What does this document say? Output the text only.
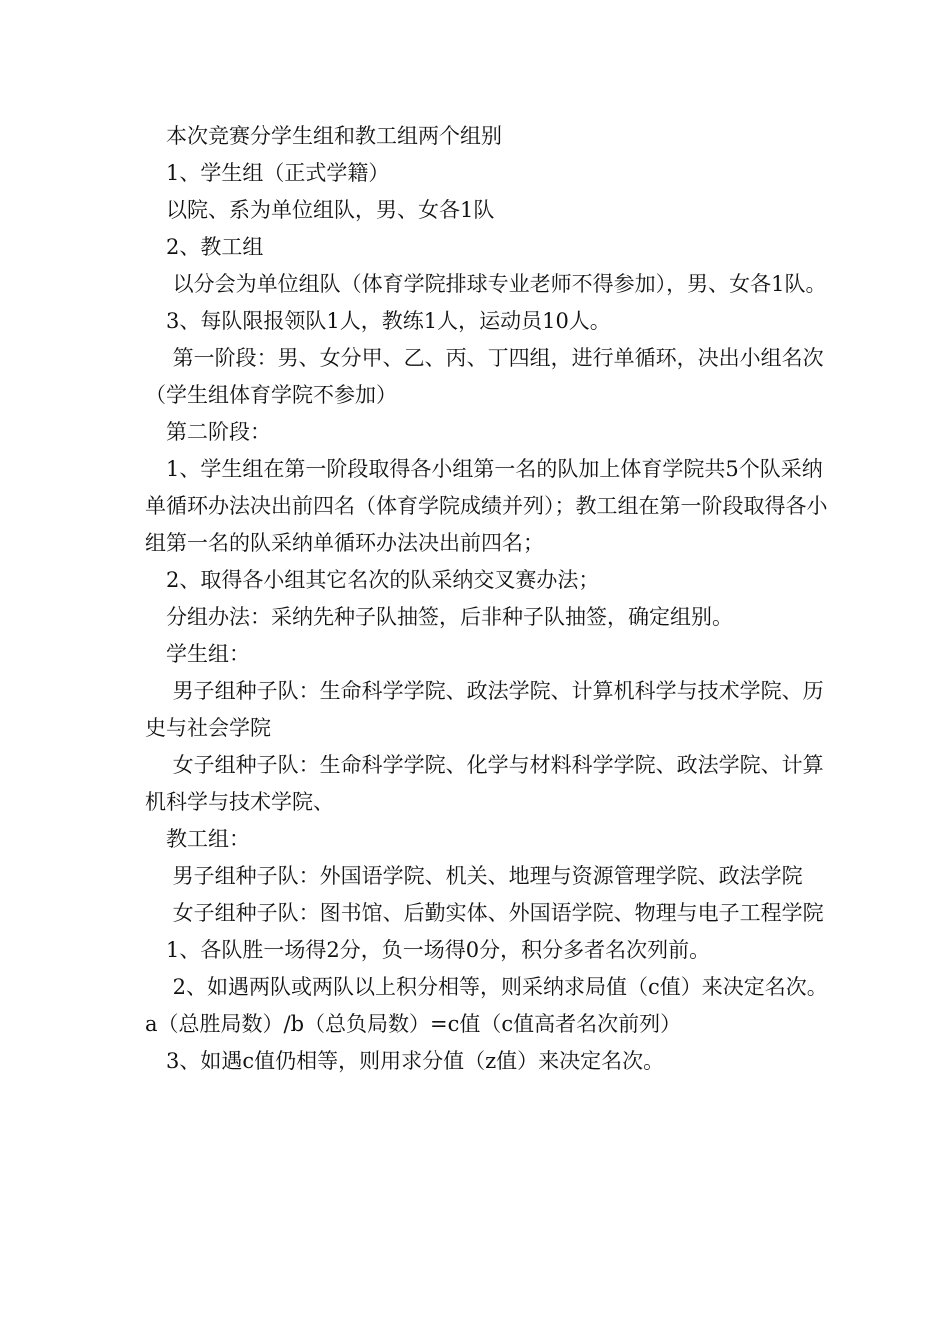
　本次竞赛分学生组和教工组两个组别

　1、学生组（正式学籍）

　以院、系为单位组队，男、女各1队

　2、教工组

　 以分会为单位组队（体育学院排球专业老师不得参加），男、女各1队。

　3、每队限报领队1人，教练1人，运动员10人。

　 第一阶段：男、女分甲、乙、丙、丁四组，进行单循环，决出小组名次（学生组体育学院不参加）

　第二阶段：

　1、学生组在第一阶段取得各小组第一名的队加上体育学院共5个队采纳单循环办法决出前四名（体育学院成绩并列）；教工组在第一阶段取得各小组第一名的队采纳单循环办法决出前四名；

　2、取得各小组其它名次的队采纳交叉赛办法；

　分组办法：采纳先种子队抽签，后非种子队抽签，确定组别。

　学生组：

　 男子组种子队：生命科学学院、政法学院、计算机科学与技术学院、历史与社会学院

　 女子组种子队：生命科学学院、化学与材料科学学院、政法学院、计算机科学与技术学院、

　教工组：

　 男子组种子队：外国语学院、机关、地理与资源管理学院、政法学院

　 女子组种子队：图书馆、后勤实体、外国语学院、物理与电子工程学院

　1、各队胜一场得2分，负一场得0分，积分多者名次列前。

　 2、如遇两队或两队以上积分相等，则采纳求局值（c值）来决定名次。a（总胜局数）/b（总负局数）=c值（c值高者名次前列）

　3、如遇c值仍相等，则用求分值（z值）来决定名次。
